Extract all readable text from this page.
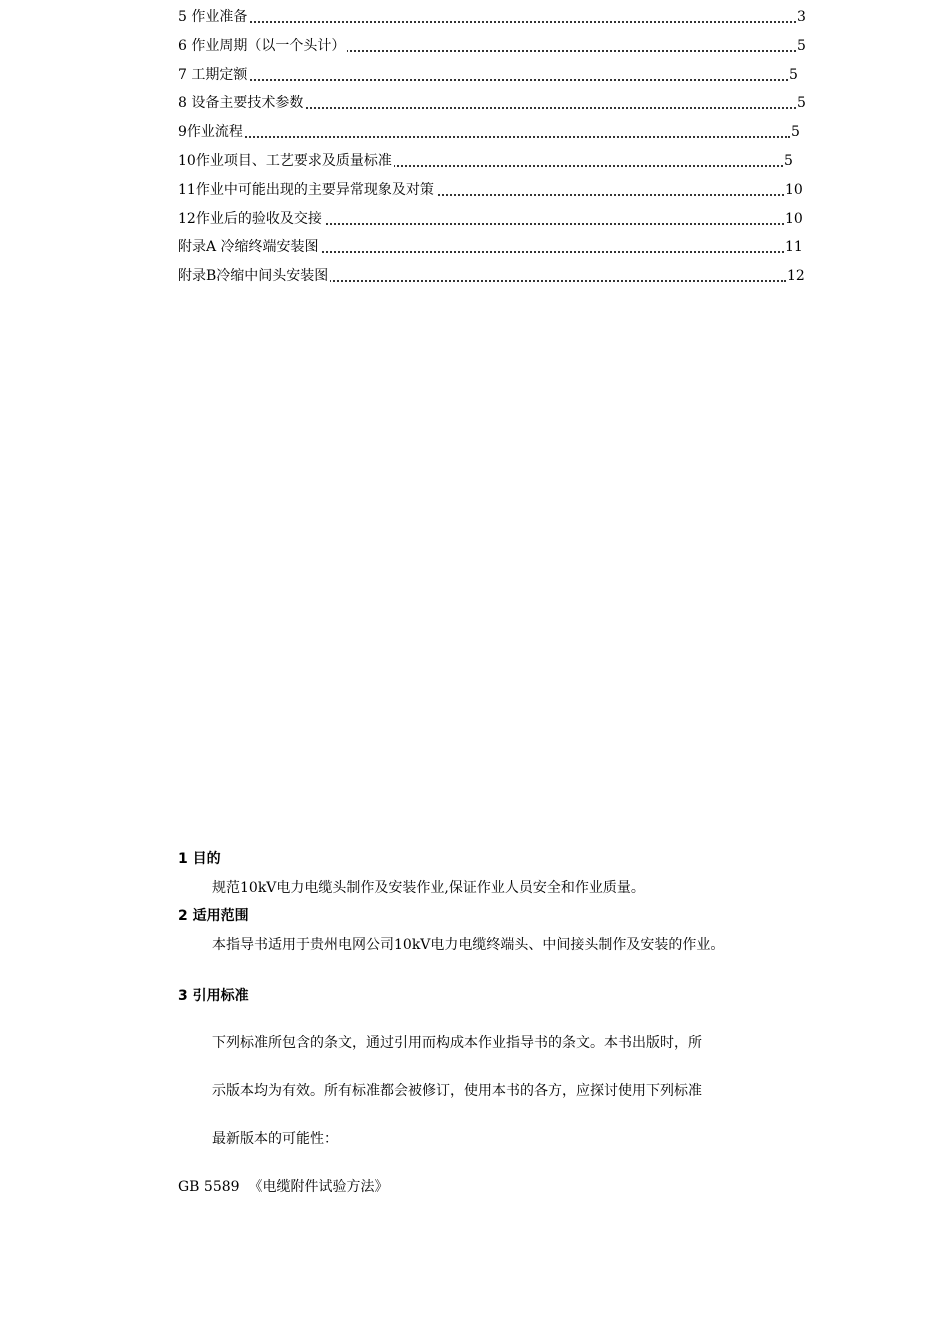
5 作业准备	3
6 作业周期（以一个头计）	5
7 工期定额	5
8 设备主要技术参数	5
9作业流程	5
10作业项目、工艺要求及质量标准	5
11作业中可能出现的主要异常现象及对策	10
12作业后的验收及交接	10
附录A 冷缩终端安装图	11
附录B冷缩中间头安装图	12
1 目的
规范10kV电力电缆头制作及安装作业,保证作业人员安全和作业质量。
2 适用范围
本指导书适用于贵州电网公司10kV电力电缆终端头、中间接头制作及安装的作业。
3 引用标准
下列标准所包含的条文，通过引用而构成本作业指导书的条文。本书出版时，所
示版本均为有效。所有标准都会被修订，使用本书的各方，应探讨使用下列标准
最新版本的可能性：
GB 5589  《电缆附件试验方法》
